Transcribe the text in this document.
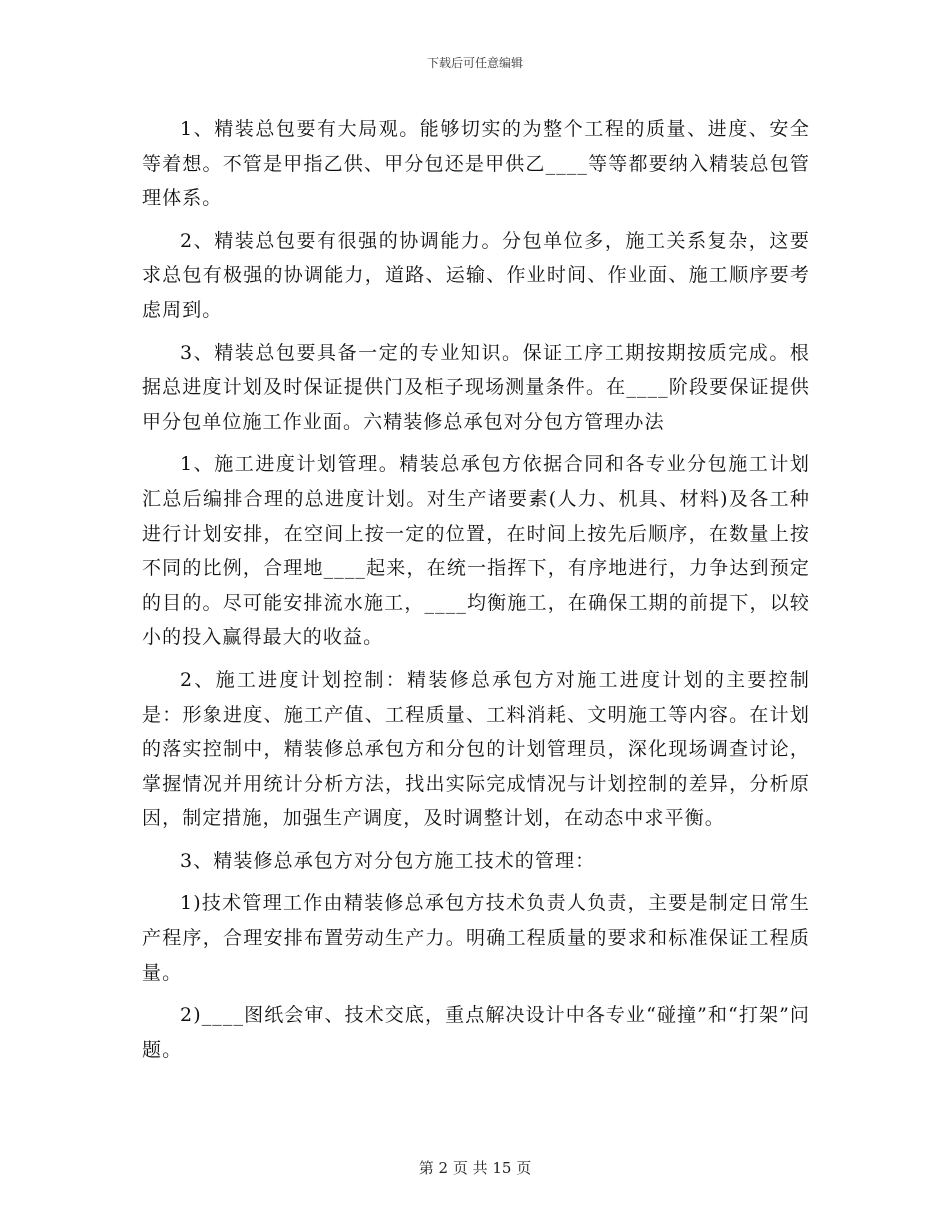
下载后可任意编辑

1、精装总包要有大局观。能够切实的为整个工程的质量、进度、安全等着想。不管是甲指乙供、甲分包还是甲供乙____等等都要纳入精装总包管理体系。

2、精装总包要有很强的协调能力。分包单位多，施工关系复杂，这要求总包有极强的协调能力，道路、运输、作业时间、作业面、施工顺序要考虑周到。

3、精装总包要具备一定的专业知识。保证工序工期按期按质完成。根据总进度计划及时保证提供门及柜子现场测量条件。在____阶段要保证提供甲分包单位施工作业面。六精装修总承包对分包方管理办法

1、施工进度计划管理。精装总承包方依据合同和各专业分包施工计划汇总后编排合理的总进度计划。对生产诸要素(人力、机具、材料)及各工种进行计划安排，在空间上按一定的位置，在时间上按先后顺序，在数量上按不同的比例，合理地____起来，在统一指挥下，有序地进行，力争达到预定的目的。尽可能安排流水施工，____均衡施工，在确保工期的前提下，以较小的投入赢得最大的收益。

2、施工进度计划控制：精装修总承包方对施工进度计划的主要控制是：形象进度、施工产值、工程质量、工料消耗、文明施工等内容。在计划的落实控制中，精装修总承包方和分包的计划管理员，深化现场调查讨论，掌握情况并用统计分析方法，找出实际完成情况与计划控制的差异，分析原因，制定措施，加强生产调度，及时调整计划，在动态中求平衡。

3、精装修总承包方对分包方施工技术的管理：

1)技术管理工作由精装修总承包方技术负责人负责，主要是制定日常生产程序，合理安排布置劳动生产力。明确工程质量的要求和标准保证工程质量。

2)____图纸会审、技术交底，重点解决设计中各专业“碰撞”和“打架”问题。

第 2 页 共 15 页
